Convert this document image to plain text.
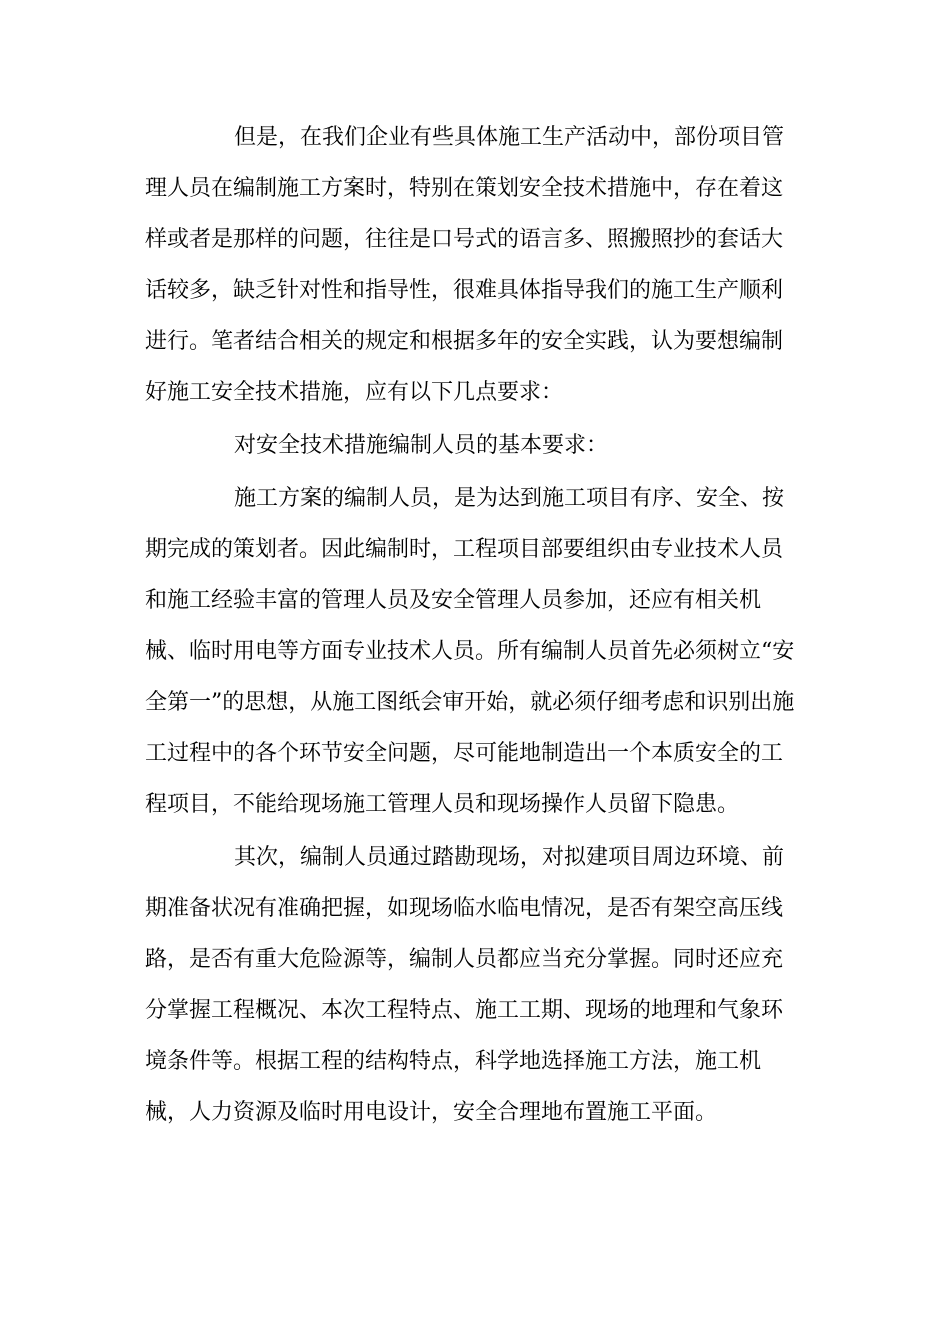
但是，在我们企业有些具体施工生产活动中，部份项目管
理人员在编制施工方案时，特别在策划安全技术措施中，存在着这
样或者是那样的问题，往往是口号式的语言多、照搬照抄的套话大
话较多，缺乏针对性和指导性，很难具体指导我们的施工生产顺利
进行。笔者结合相关的规定和根据多年的安全实践，认为要想编制
好施工安全技术措施，应有以下几点要求：
对安全技术措施编制人员的基本要求：
施工方案的编制人员，是为达到施工项目有序、安全、按
期完成的策划者。因此编制时，工程项目部要组织由专业技术人员
和施工经验丰富的管理人员及安全管理人员参加，还应有相关机
械、临时用电等方面专业技术人员。所有编制人员首先必须树立“安
全第一”的思想，从施工图纸会审开始，就必须仔细考虑和识别出施
工过程中的各个环节安全问题，尽可能地制造出一个本质安全的工
程项目，不能给现场施工管理人员和现场操作人员留下隐患。
其次，编制人员通过踏勘现场，对拟建项目周边环境、前
期准备状况有准确把握，如现场临水临电情况，是否有架空高压线
路，是否有重大危险源等，编制人员都应当充分掌握。同时还应充
分掌握工程概况、本次工程特点、施工工期、现场的地理和气象环
境条件等。根据工程的结构特点，科学地选择施工方法，施工机
械，人力资源及临时用电设计，安全合理地布置施工平面。
